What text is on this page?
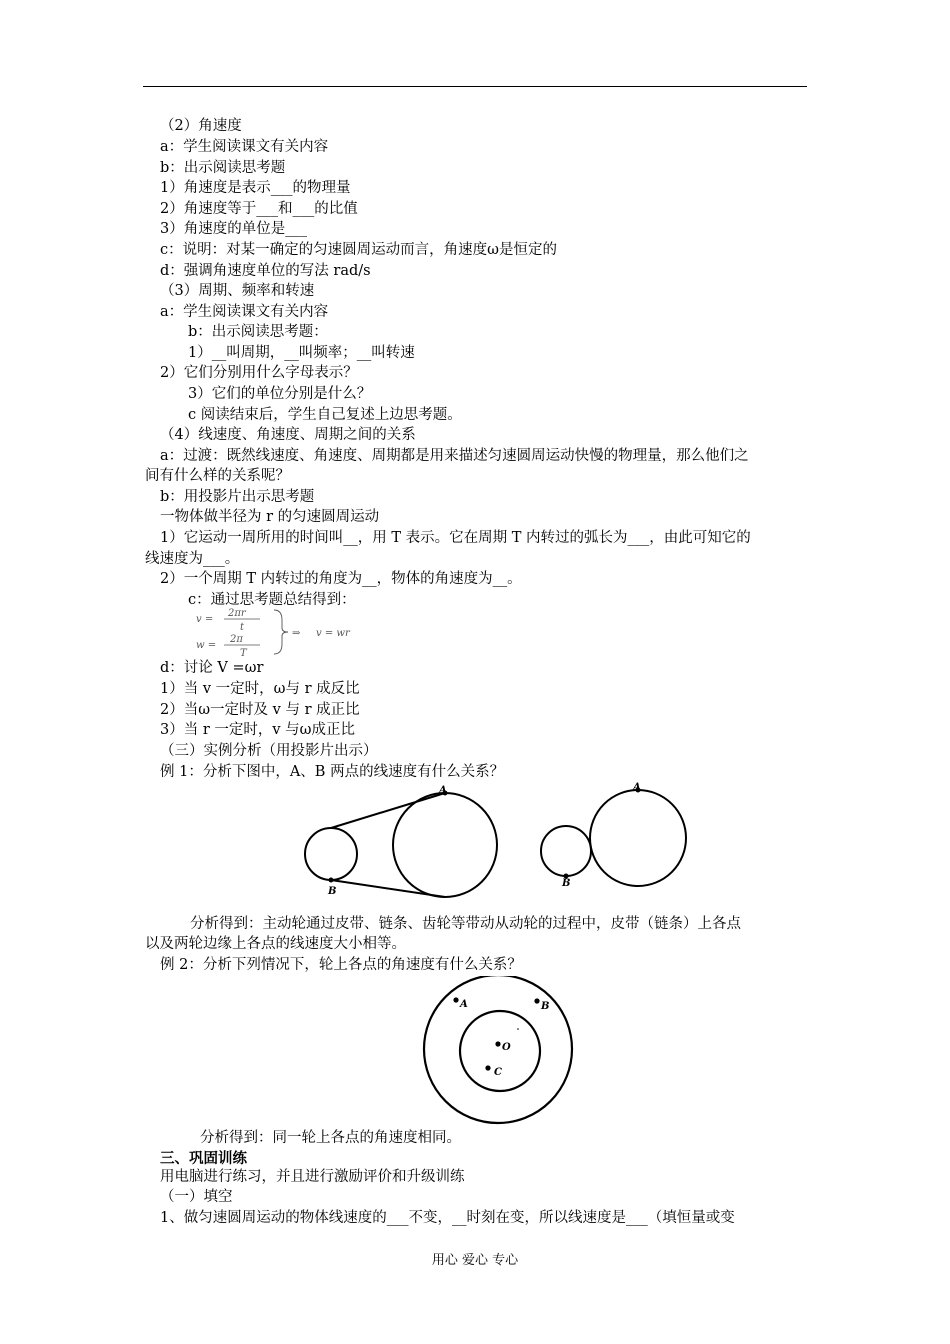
（2）角速度
a：学生阅读课文有关内容
b：出示阅读思考题
1）角速度是表示___的物理量
2）角速度等于___和___的比值
3）角速度的单位是___
c：说明：对某一确定的匀速圆周运动而言，角速度ω是恒定的
d：强调角速度单位的写法 rad/s
（3）周期、频率和转速
a：学生阅读课文有关内容
b：出示阅读思考题：
1）__叫周期，__叫频率；__叫转速
2）它们分别用什么字母表示？
3）它们的单位分别是什么？
c 阅读结束后，学生自己复述上边思考题。
（4）线速度、角速度、周期之间的关系
a：过渡：既然线速度、角速度、周期都是用来描述匀速圆周运动快慢的物理量，那么他们之
间有什么样的关系呢？
b：用投影片出示思考题
一物体做半径为 r 的匀速圆周运动
1）它运动一周所用的时间叫__，用 T 表示。它在周期 T 内转过的弧长为___，由此可知它的
线速度为___。
2）一个周期 T 内转过的角度为__，物体的角速度为__。
c：通过思考题总结得到：
v =
2πr
t
w =
2π
T
⇒ v = wr
d：讨论 V =ωr
1）当 v 一定时，ω与 r 成反比
2）当ω一定时及 v 与 r 成正比
3）当 r 一定时，v 与ω成正比
（三）实例分析（用投影片出示）
例 1：分析下图中，A、B 两点的线速度有什么关系？
A
B
A
B
分析得到：主动轮通过皮带、链条、齿轮等带动从动轮的过程中，皮带（链条）上各点
以及两轮边缘上各点的线速度大小相等。
例 2：分析下列情况下，轮上各点的角速度有什么关系？
A	B
O
C
分析得到：同一轮上各点的角速度相同。
三、巩固训练
用电脑进行练习，并且进行激励评价和升级训练
（一）填空
1、做匀速圆周运动的物体线速度的___不变，__时刻在变，所以线速度是___（填恒量或变
用心 爱心 专心
